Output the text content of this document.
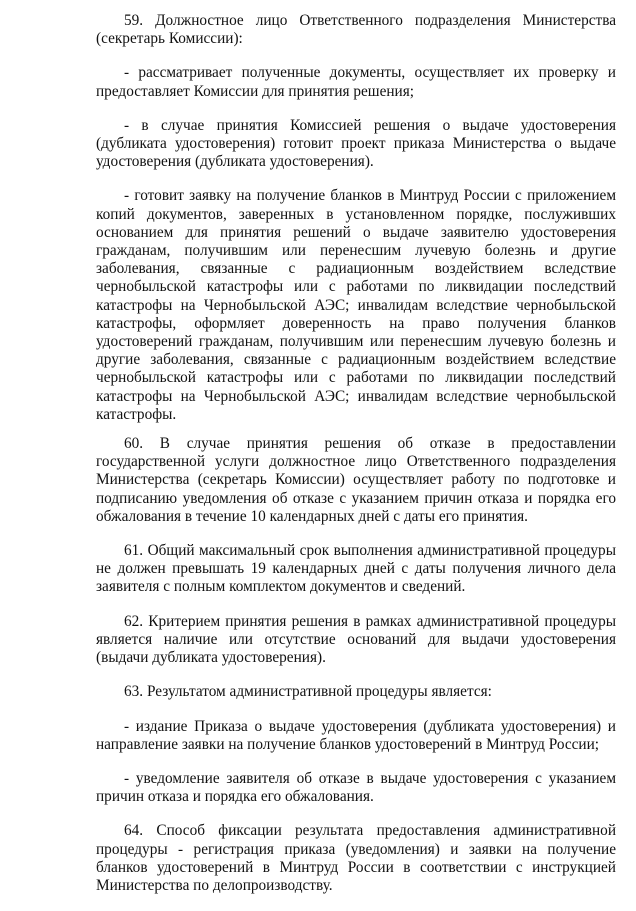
59. Должностное лицо Ответственного подразделения Министерства (секретарь Комиссии):

- рассматривает полученные документы, осуществляет их проверку и предоставляет Комиссии для принятия решения;

- в случае принятия Комиссией решения о выдаче удостоверения (дубликата удостоверения) готовит проект приказа Министерства о выдаче удостоверения (дубликата удостоверения).

- готовит заявку на получение бланков в Минтруд России с приложением копий документов, заверенных в установленном порядке, послуживших основанием для принятия решений о выдаче заявителю удостоверения гражданам, получившим или перенесшим лучевую болезнь и другие заболевания, связанные с радиационным воздействием вследствие чернобыльской катастрофы или с работами по ликвидации последствий катастрофы на Чернобыльской АЭС; инвалидам вследствие чернобыльской катастрофы, оформляет доверенность на право получения бланков удостоверений гражданам, получившим или перенесшим лучевую болезнь и другие заболевания, связанные с радиационным воздействием вследствие чернобыльской катастрофы или с работами по ликвидации последствий катастрофы на Чернобыльской АЭС; инвалидам вследствие чернобыльской катастрофы.

60. В случае принятия решения об отказе в предоставлении государственной услуги должностное лицо Ответственного подразделения Министерства (секретарь Комиссии) осуществляет работу по подготовке и подписанию уведомления об отказе с указанием причин отказа и порядка его обжалования в течение 10 календарных дней с даты его принятия.

61. Общий максимальный срок выполнения административной процедуры не должен превышать 19 календарных дней с даты получения личного дела заявителя с полным комплектом документов и сведений.

62. Критерием принятия решения в рамках административной процедуры является наличие или отсутствие оснований для выдачи удостоверения (выдачи дубликата удостоверения).

63. Результатом административной процедуры является:

- издание Приказа о выдаче удостоверения (дубликата удостоверения) и направление заявки на получение бланков удостоверений в Минтруд России;

- уведомление заявителя об отказе в выдаче удостоверения с указанием причин отказа и порядка его обжалования.

64. Способ фиксации результата предоставления административной процедуры - регистрация приказа (уведомления) и заявки на получение бланков удостоверений в Минтруд России в соответствии с инструкцией Министерства по делопроизводству.
